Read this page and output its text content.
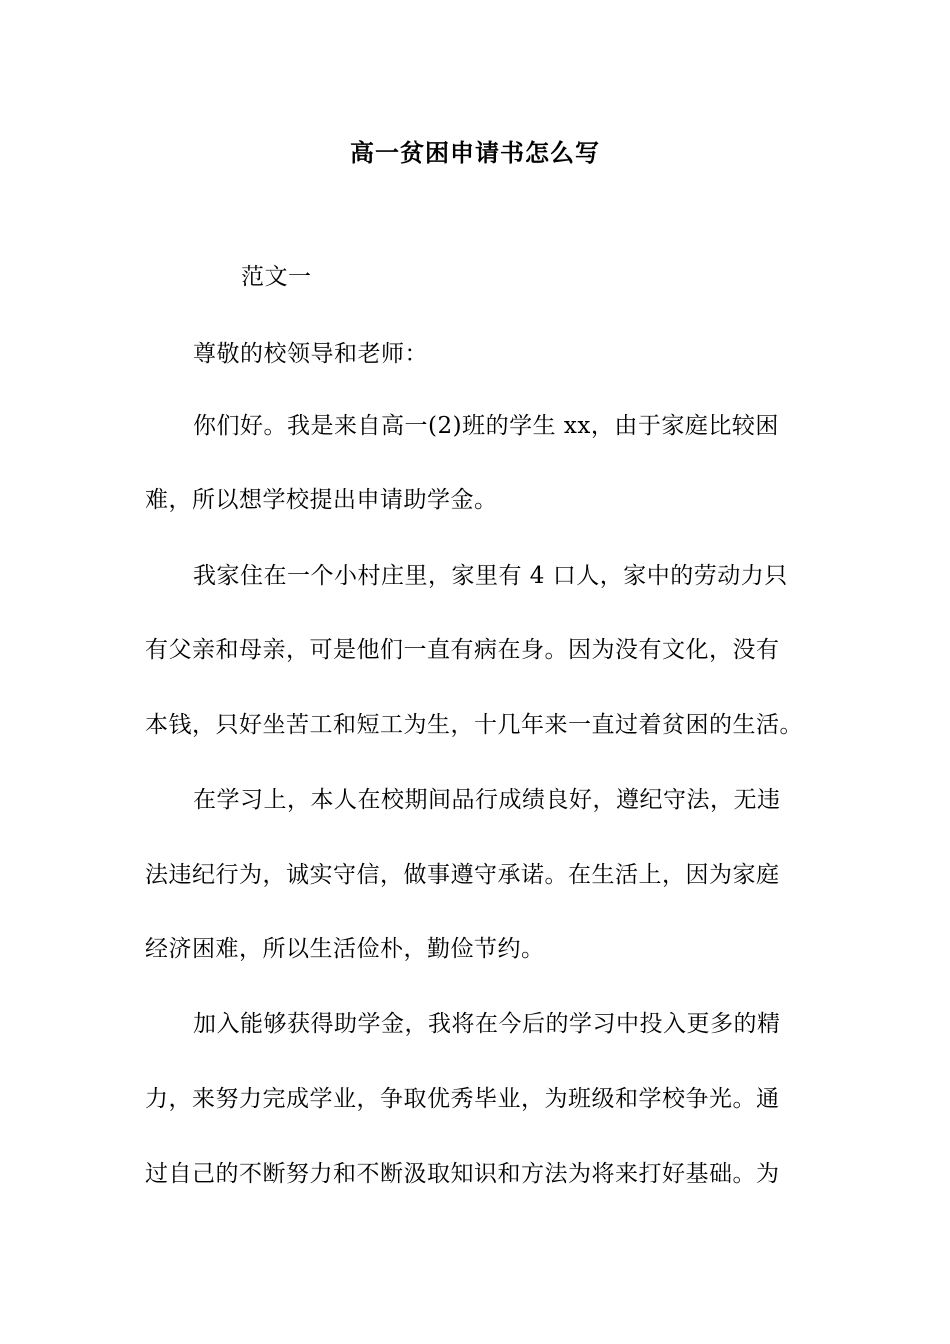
高一贫困申请书怎么写
范文一
尊敬的校领导和老师：
你们好。我是来自高一(2)班的学生 xx，由于家庭比较困
难，所以想学校提出申请助学金。
我家住在一个小村庄里，家里有 4 口人，家中的劳动力只
有父亲和母亲，可是他们一直有病在身。因为没有文化，没有
本钱，只好坐苦工和短工为生，十几年来一直过着贫困的生活。
在学习上，本人在校期间品行成绩良好，遵纪守法，无违
法违纪行为，诚实守信，做事遵守承诺。在生活上，因为家庭
经济困难，所以生活俭朴，勤俭节约。
加入能够获得助学金，我将在今后的学习中投入更多的精
力，来努力完成学业，争取优秀毕业，为班级和学校争光。通
过自己的不断努力和不断汲取知识和方法为将来打好基础。为
